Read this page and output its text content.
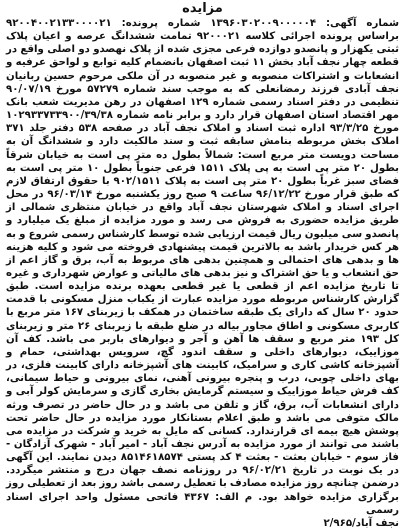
مزایده

شماره آگهی: ۱۳۹۶۰۳۰۲۰۰۹۰۰۰۰۰۴ شماره پرونده: ۹۲۰۰۴۰۰۲۱۳۳۰۰۰۰۲۱ براساس پرونده اجرائی کلاسه ۹۲۰۰۰۲۱ تمامت ششدانگ عرصه و اعیان پلاک ثبتی یکهزار و پانصدو دوازده فرعی مجزی شده از پلاک نهصدو دو اصلی واقع در قطعه چهار نجف آباد بخش ۱۱ ثبت اصفهان بانضمام کلیه توابع و لواحق عرفیه و انشعابات و اشتراکات منصوبه و غیر منصوبه در آن ملکی مرحوم حسین ربانیان نجف آبادی فرزند رمضانعلی که به موجب سند شماره ۵۷۲۷۹ مورخ ۹۰/۰۷/۱۹ تنظیمی در دفتر اسناد رسمی شماره ۱۲۹ اصفهان در رهن مدیریت شعب بانک مهر اقتصاد استان اصفهان قرار دارد و برابر نامه شماره ۱۰۲۹۳۳۷۳۳۹۰۰/۳۹/۳۸ مورخ ۹۳/۳/۲۵ اداره ثبت اسناد و املاک نجف آباد در صفحه ۵۳۸ دفتر جلد ۳۷۱ املاک بخش مربوطه بنامش سابقه ثبت و سند مالکیت دارد و ششدانگ آن به مساحت دویست متر مربع است: شمالاً بطول ده متر پی است به خیابان شرقاً بطول ۲۰ متر پی است به پی پلاک ۱۵۱۱ فرعی جنوباً بطول ۱۰ متر پی است به فضای سبز غرباً بطول ۲۰ متر پی است به پلاک ۹۰۲/۱۵۱۱ با حقوق ارتفاق لازم که طبق قرار مورخ ۹۶/۱۲/۲۲ ساعت ۹ صبح روز یکشنبه مورخ ۹۶/۰۳/۱۴ در محل اجرای اسناد و املاک شهرستان نجف آباد واقع در خیابان منتظری شمالی از طریق مزایده حضوری به فروش می رسد و مورد مزایده از مبلغ یک میلیارد و پانصدو سی میلیون ریال قیمت ارزیابی شده توسط کارشناس رسمی شروع و به هر کس خریدار باشد به بالاترین قیمت پیشنهادی فروخته می شود و کلیه هزینه ها و بدهی های احتمالی و همچنین بدهی های مربوط به آب، برق و گاز اعم از حق انشعاب و یا حق اشتراک و نیز بدهی های مالیاتی و عوارض شهرداری و غیره تا تاریخ مزایده اعم از قطعی یا غیر قطعی بعهده برنده مزایده است. طبق گزارش کارشناس مربوطه مورد مزایده عبارت از یکباب منزل مسکونی با قدمت حدود ۲۰ سال که دارای یک طبقه ساختمان در همکف با زیربنای ۱۶۷ متر مربع با کاربری مسکونی و اطاق مجاور بیاله در ضلع طبقه با زیربنای ۲۶ متر و زیربنای کل ۱۹۳ متر مربع و سقف ها آهن و آجر و دیوارهای باربر می باشد. کف آن موزاییک، دیوارهای داخلی و سقف اندود گچ، سرویس بهداشتی، حمام و آشپزخانه کاشی کاری و سرامیک، کابینت های آشپزخانه دارای کابینت فلزی، در بهای داخلی چوبی، درب و پنجره بیرونی آهنی، نمای بیرونی و حیاط سیمانی، کف فرش حیاط موزاییک و سیستم گرمایش بخاری گازی و سرمایش کولر آبی و دارای انشعابات آب، برق، گاز و تلفن می باشد و در حال حاضر در تصرف ورثه مالک متوفی می باشد و طبق اعلام بستانکار مورد مزایده در حال حاضر تحت پوشش هیچ بیمه ای قرارندارد. کسانی که مایل به خرید و شرکت در مزایده می باشند می توانند از مورد مزایده به آدرس نجف آباد - امیر آباد - شهرک آزادگان - فاز سوم - خیابان بعثت - بعثت ۴ کد پستی ۸۵۱۴۶۱۸۵۷۴ دیدن نمایند. این آگهی در یک نوبت در تاریخ ۹۶/۰۲/۲۱ در روزنامه نصف جهان درج و منتشر میگردد. درضمن چنانچه روز مزایده مصادف با تعطیل رسمی باشد روز بعد از تعطیلی روز برگزاری مزایده خواهد بود. م الف: ۴۳۶۷ فاتحی مسئول واحد اجرای اسناد رسمی

نجف آباد/۲/۹۶۵
